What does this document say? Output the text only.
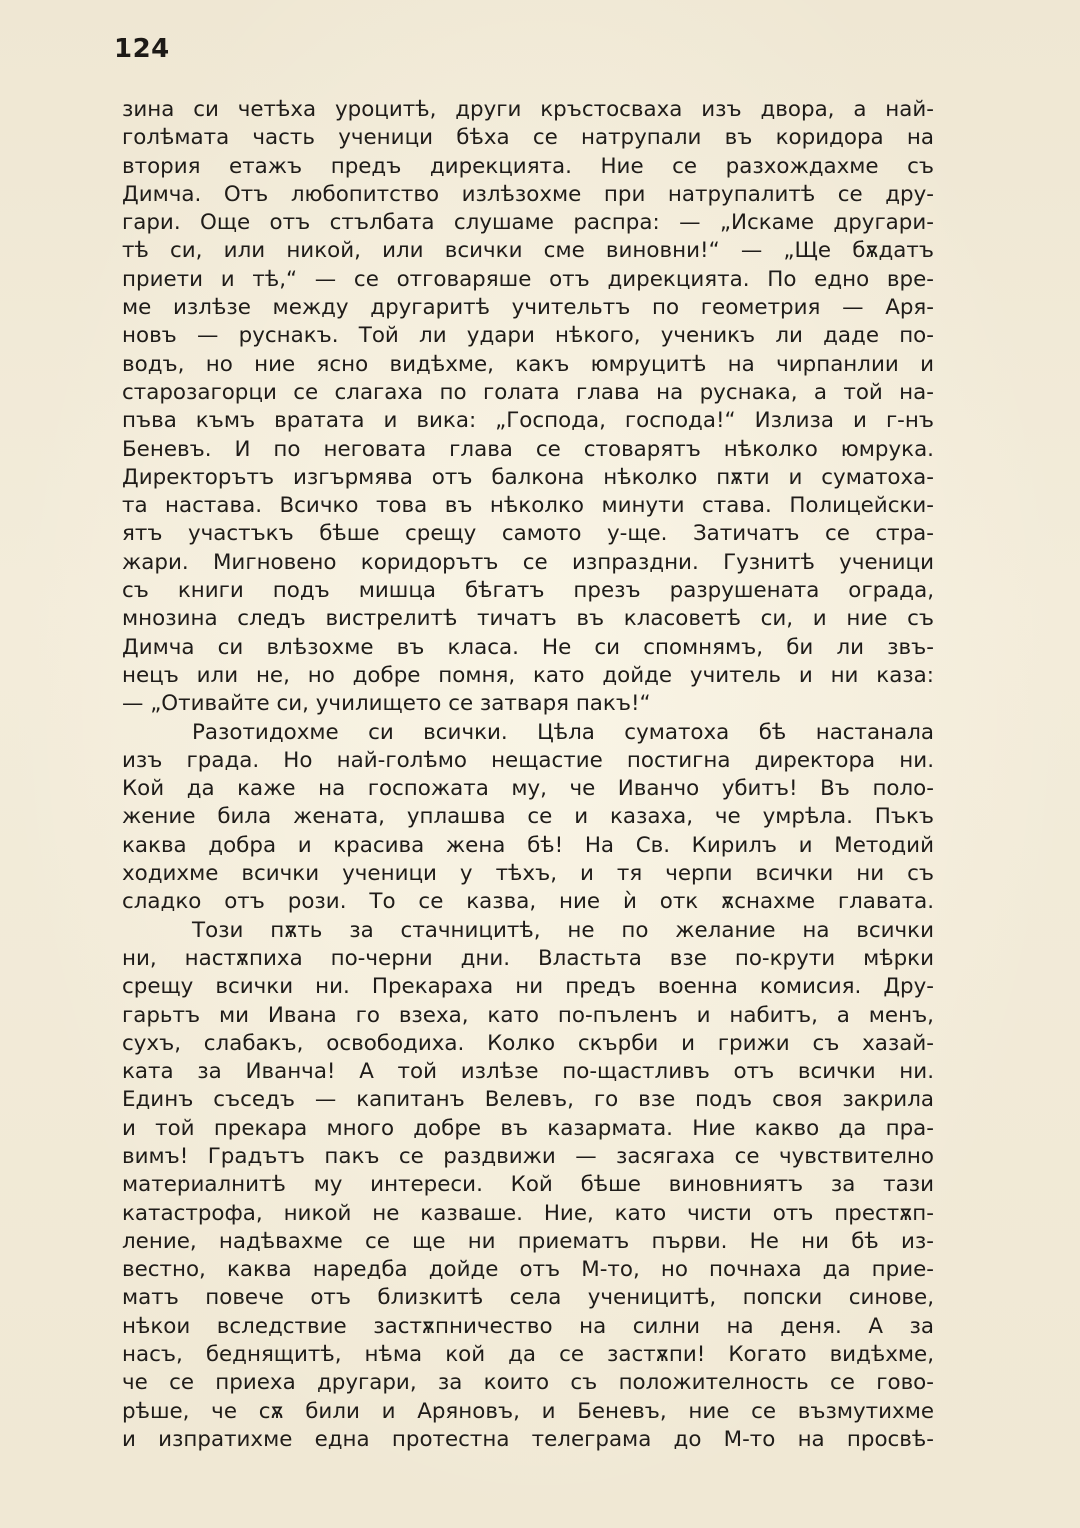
124
зина си четѣха уроцитѣ, други кръстосваха изъ двора, а най-
голѣмата часть ученици бѣха се натрупали въ коридора на
втория етажъ предъ дирекцията. Ние се разхождахме съ
Димча. Отъ любопитство излѣзохме при натрупалитѣ се дру-
гари. Още отъ стълбата слушаме распра: — „Искаме другари-
тѣ си, или никой, или всички сме виновни!“ — „Ще бѫдатъ
приети и тѣ,“ — се отговаряше отъ дирекцията. По едно вре-
ме излѣзе между другаритѣ учительтъ по геометрия — Аря-
новъ — руснакъ. Той ли удари нѣкого, ученикъ ли даде по-
водъ, но ние ясно видѣхме, какъ юмруцитѣ на чирпанлии и
старозагорци се слагаха по голата глава на руснака, а той на-
пъва къмъ вратата и вика: „Господа, господа!“ Излиза и г-нъ
Беневъ. И по неговата глава се стоварятъ нѣколко юмрука.
Директорътъ изгърмява отъ балкона нѣколко пѫти и суматоха-
та настава. Всичко това въ нѣколко минути става. Полицейски-
ятъ участъкъ бѣше срещу самото у-ще. Затичатъ се стра-
жари. Мигновено коридорътъ се изпраздни. Гузнитѣ ученици
съ книги подъ мишца бѣгатъ презъ разрушената ограда,
мнозина следъ вистрелитѣ тичатъ въ класоветѣ си, и ние съ
Димча си влѣзохме въ класа. Не си спомнямъ, би ли звъ-
нецъ или не, но добре помня, като дойде учитель и ни каза:
— „Отивайте си, училището се затваря пакъ!“
Разотидохме си всички. Цѣла суматоха бѣ настанала
изъ града. Но най-голѣмо нещастие постигна директора ни.
Кой да каже на госпожата му, че Иванчо убитъ! Въ поло-
жение била жената, уплашва се и казаха, че умрѣла. Пъкъ
каква добра и красива жена бѣ! На Св. Кирилъ и Методий
ходихме всички ученици у тѣхъ, и тя черпи всички ни съ
сладко отъ рози. То се казва, ние ѝ отк ѫснахме главата.
Този пѫть за стачницитѣ, не по желание на всички
ни, настѫпиха по-черни дни. Властьта взе по-крути мѣрки
срещу всички ни. Прекараха ни предъ военна комисия. Дру-
гарьтъ ми Ивана го взеха, като по-пъленъ и набитъ, а менъ,
сухъ, слабакъ, освободиха. Колко скърби и грижи съ хазай-
ката за Иванча! А той излѣзе по-щастливъ отъ всички ни.
Единъ съседъ — капитанъ Велевъ, го взе подъ своя закрила
и той прекара много добре въ казармата. Ние какво да пра-
вимъ! Градътъ пакъ се раздвижи — засягаха се чувствително
материалнитѣ му интереси. Кой бѣше виновниятъ за тази
катастрофа, никой не казваше. Ние, като чисти отъ престѫп-
ление, надѣвахме се ще ни приематъ първи. Не ни бѣ из-
вестно, каква наредба дойде отъ М-то, но почнаха да прие-
матъ повече отъ близкитѣ села ученицитѣ, попски синове,
нѣкои вследствие застѫпничество на силни на деня. А за
насъ, беднящитѣ, нѣма кой да се застѫпи! Когато видѣхме,
че се приеха другари, за които съ положителность се гово-
рѣше, че сѫ били и Аряновъ, и Беневъ, ние се възмутихме
и изпратихме една протестна телеграма до М-то на просвѣ-
